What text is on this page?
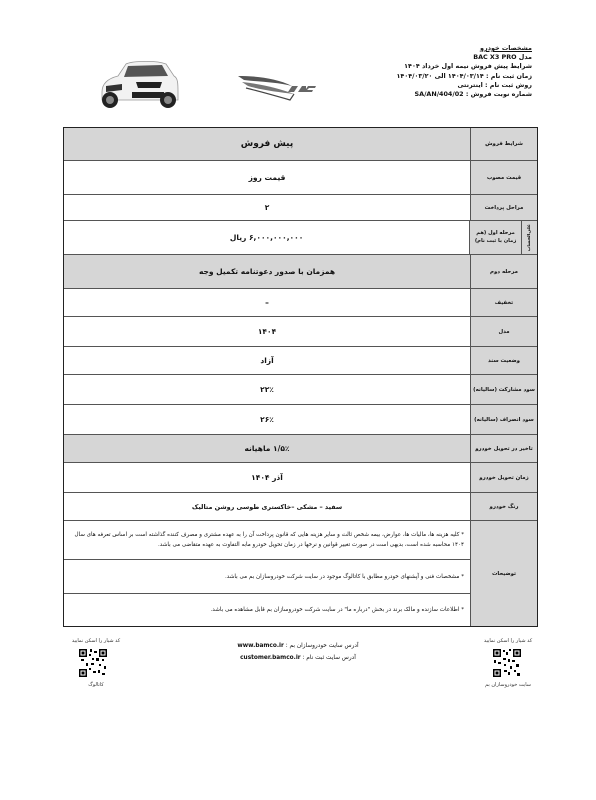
مشخصات خودرو
مدل BAC X3 PRO
شرایط پیش فروش نیمه اول خرداد ۱۴۰۴
زمان ثبت نام : ۱۴۰۴/۰۳/۱۴ الی ۱۴۰۴/۰۳/۲۰
روش ثبت نام : اینترنتی
شماره نوبت فروش : SA/AN/404/02
پیش فروش	شرایط فروش
قیمت روز	قیمت مصوب
۲	مراحل پرداخت
۶,۰۰۰,۰۰۰,۰۰۰ ریال	مرحله اول (هم زمان با ثبت نام)	علی‌الحساب
همزمان با صدور دعوتنامه تکمیل وجه	مرحله دوم
–	تخفیف
۱۴۰۴	مدل
آزاد	وضعیت سند
۲۲٪	سود مشارکت (سالیانه)
۲۶٪	سود انصراف (سالیانه)
۱/۵٪ ماهیانه	تاخیر در تحویل خودرو
آذر ۱۴۰۴	زمان تحویل خودرو
سفید – مشکی –خاکستری طوسی روشن متالیک	رنگ خودرو
* کلیه هزینه ها، مالیات ها، عوارض، بیمه شخص ثالث و سایر هزینه هایی که قانون پرداخت آن را به عهده مشتری و مصرف کننده گذاشته است بر اساس تعرفه های سال ۱۴۰۴ محاسبه شده است، بدیهی است در صورت تغییر قوانین و نرخها در زمان تحویل خودرو مابه التفاوت به عهده متقاضی می باشد.
* مشخصات فنی و آپشنهای خودرو مطابق با کاتالوگ موجود در سایت شرکت خودروسازان بم می باشد.
* اطلاعات سازنده و مالک برند در بخش "درباره ما" در سایت شرکت خودروسازان بم قابل مشاهده می باشد.
توضیحات
کد شیار را اسکن نمایید
سایت خودروسازان بم
آدرس سایت خودروسازان بم : www.bamco.ir
آدرس سایت ثبت نام : customer.bamco.ir
کد شیار را اسکن نمایید
کاتالوگ
